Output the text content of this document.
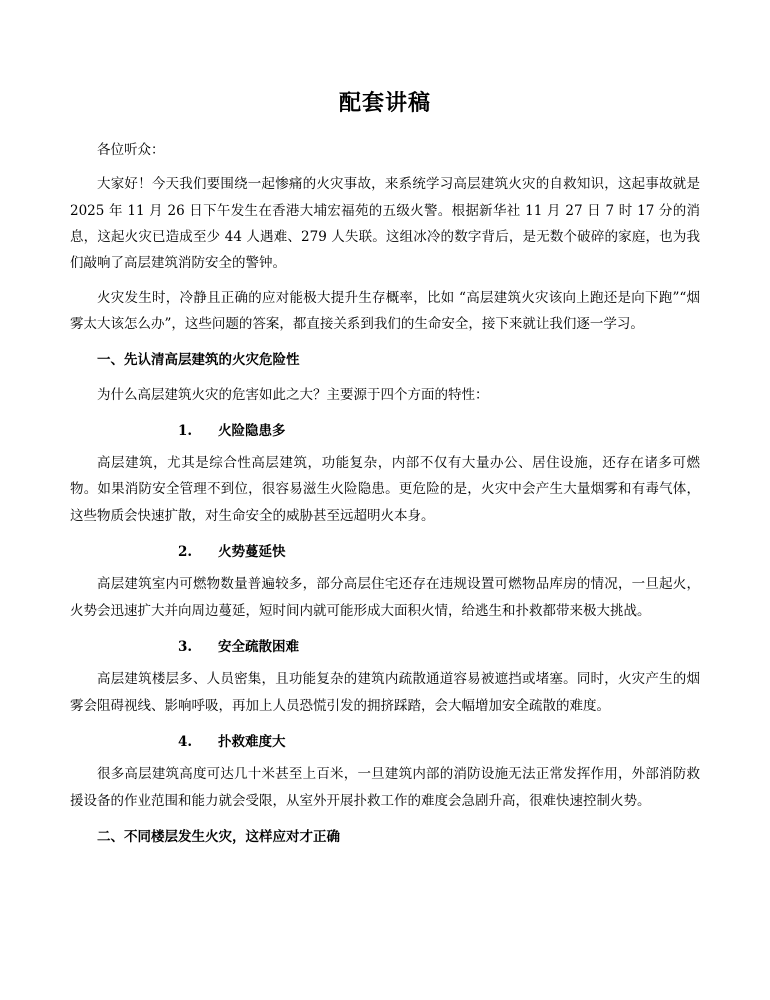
配套讲稿

各位听众：

大家好！今天我们要围绕一起惨痛的火灾事故，来系统学习高层建筑火灾的自救知识，这起事故就是 2025 年 11 月 26 日下午发生在香港大埔宏福苑的五级火警。根据新华社 11 月 27 日 7 时 17 分的消息，这起火灾已造成至少 44 人遇难、279 人失联。这组冰冷的数字背后，是无数个破碎的家庭，也为我们敲响了高层建筑消防安全的警钟。

火灾发生时，冷静且正确的应对能极大提升生存概率，比如 “高层建筑火灾该向上跑还是向下跑”“烟雾太大该怎么办”，这些问题的答案，都直接关系到我们的生命安全，接下来就让我们逐一学习。

一、先认清高层建筑的火灾危险性

为什么高层建筑火灾的危害如此之大？主要源于四个方面的特性：

1. 火险隐患多

高层建筑，尤其是综合性高层建筑，功能复杂，内部不仅有大量办公、居住设施，还存在诸多可燃物。如果消防安全管理不到位，很容易滋生火险隐患。更危险的是，火灾中会产生大量烟雾和有毒气体，这些物质会快速扩散，对生命安全的威胁甚至远超明火本身。

2. 火势蔓延快

高层建筑室内可燃物数量普遍较多，部分高层住宅还存在违规设置可燃物品库房的情况，一旦起火，火势会迅速扩大并向周边蔓延，短时间内就可能形成大面积火情，给逃生和扑救都带来极大挑战。

3. 安全疏散困难

高层建筑楼层多、人员密集，且功能复杂的建筑内疏散通道容易被遮挡或堵塞。同时，火灾产生的烟雾会阻碍视线、影响呼吸，再加上人员恐慌引发的拥挤踩踏，会大幅增加安全疏散的难度。

4. 扑救难度大

很多高层建筑高度可达几十米甚至上百米，一旦建筑内部的消防设施无法正常发挥作用，外部消防救援设备的作业范围和能力就会受限，从室外开展扑救工作的难度会急剧升高，很难快速控制火势。

二、不同楼层发生火灾，这样应对才正确
